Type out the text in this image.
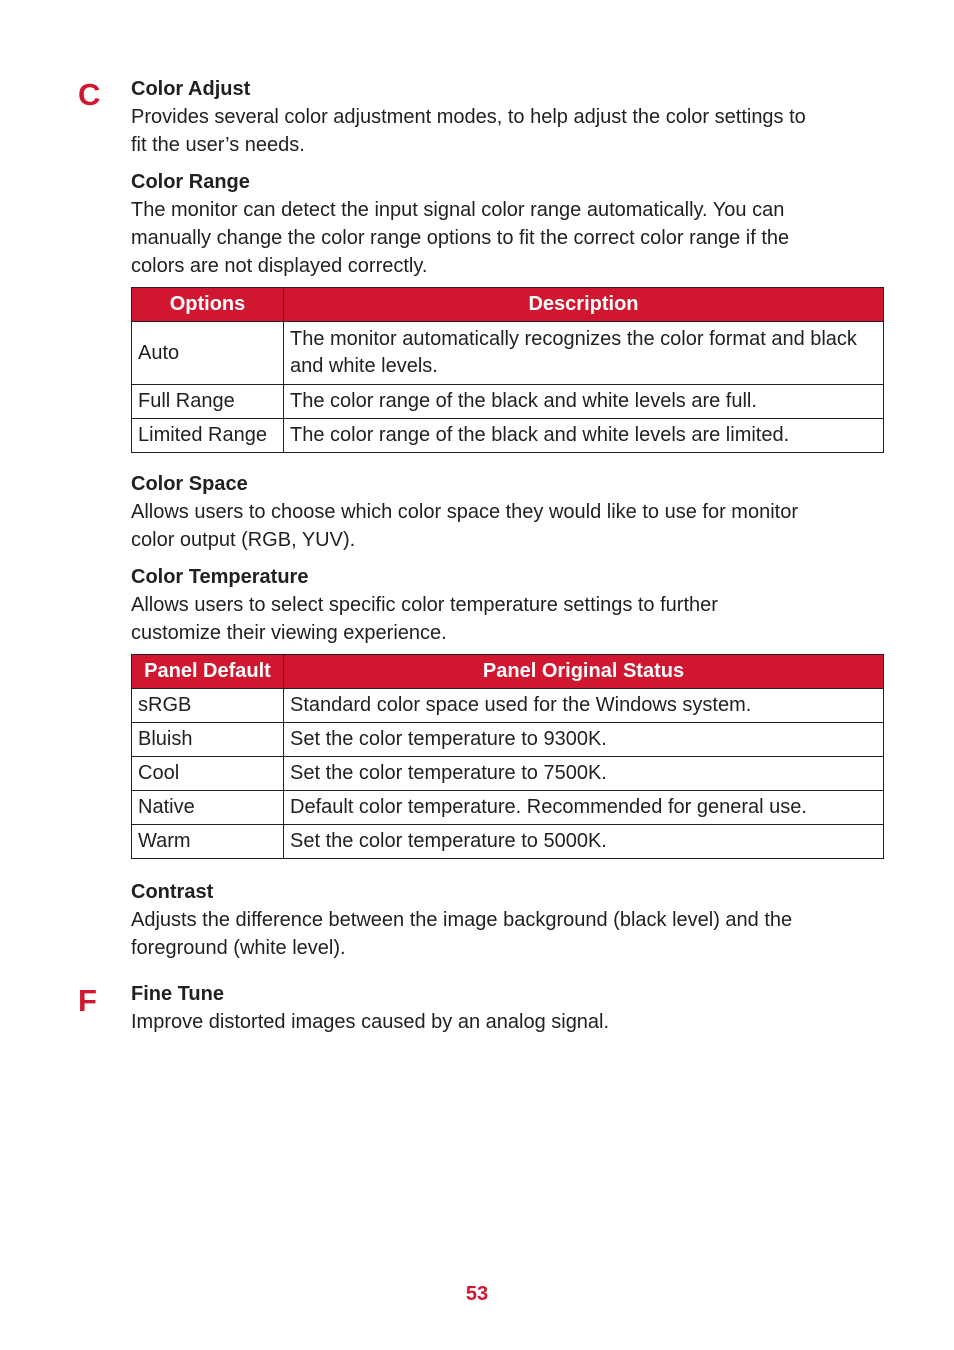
C
F

Color Adjust

Provides several color adjustment modes, to help adjust the color settings to

fit the user’s needs.

Color Range

The monitor can detect the input signal color range automatically. You can

manually change the color range options to fit the correct color range if the

colors are not displayed correctly.

Options	Description
Auto	The monitor automatically recognizes the color format and black and white levels.
Full Range	The color range of the black and white levels are full.
Limited Range	The color range of the black and white levels are limited.

Color Space

Allows users to choose which color space they would like to use for monitor

color output (RGB, YUV).

Color Temperature

Allows users to select specific color temperature settings to further

customize their viewing experience.

Panel Default	Panel Original Status
sRGB	Standard color space used for the Windows system.
Bluish	Set the color temperature to 9300K.
Cool	Set the color temperature to 7500K.
Native	Default color temperature. Recommended for general use.
Warm	Set the color temperature to 5000K.

Contrast

Adjusts the difference between the image background (black level) and the

foreground (white level).

Fine Tune

Improve distorted images caused by an analog signal.

53
